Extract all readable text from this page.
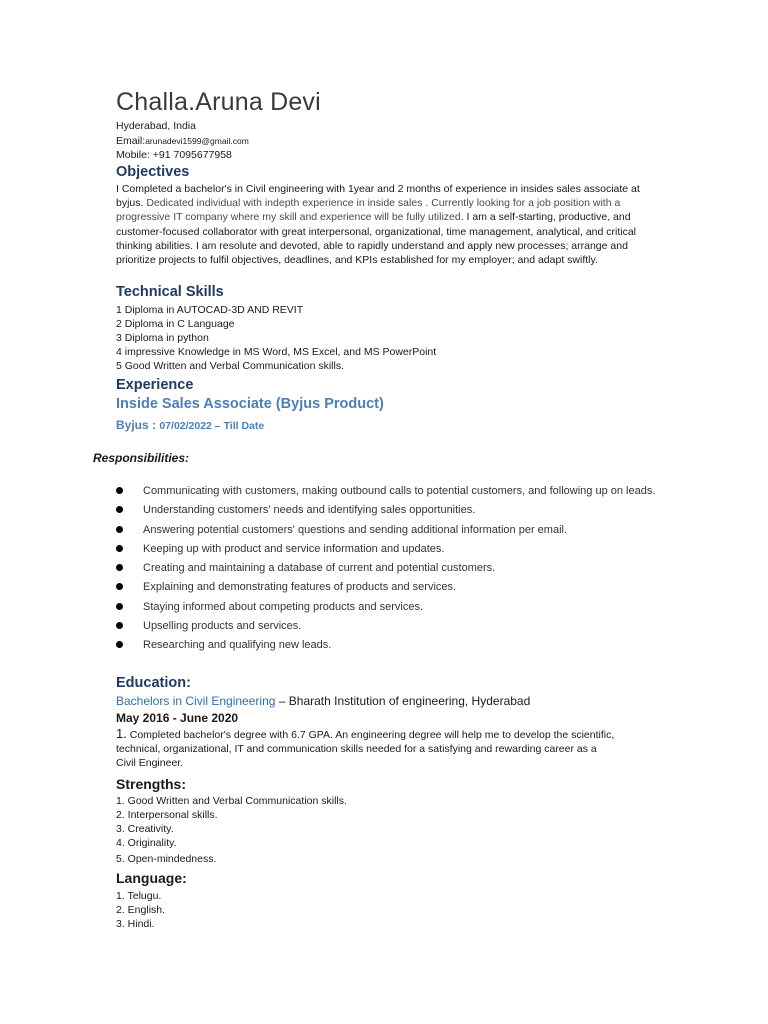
Challa.Aruna Devi

Hyderabad, India

Email:arunadevi1599@gmail.com

Mobile: +91 7095677958

Objectives

I Completed a bachelor's in Civil engineering with 1year and 2 months of experience in insides sales associate at byjus. Dedicated individual with indepth experience in inside sales . Currently looking for a job position with a progressive IT company where my skill and experience will be fully utilized. I am a self-starting, productive, and customer-focused collaborator with great interpersonal, organizational, time management, analytical, and critical thinking abilities. I am resolute and devoted, able to rapidly understand and apply new processes; arrange and prioritize projects to fulfil objectives, deadlines, and KPIs established for my employer; and adapt swiftly.

Technical Skills

1 Diploma in AUTOCAD-3D AND REVIT

2 Diploma in C Language

3 Diploma in python

4 impressive Knowledge in MS Word, MS Excel, and MS PowerPoint

5 Good Written and Verbal Communication skills.

Experience

Inside Sales Associate (Byjus Product)

Byjus : 07/02/2022 – Till Date

Responsibilities:

Communicating with customers, making outbound calls to potential customers, and following up on leads.
Understanding customers' needs and identifying sales opportunities.
Answering potential customers' questions and sending additional information per email.
Keeping up with product and service information and updates.
Creating and maintaining a database of current and potential customers.
Explaining and demonstrating features of products and services.
Staying informed about competing products and services.
Upselling products and services.
Researching and qualifying new leads.
Education:

Bachelors in Civil Engineering – Bharath Institution of engineering, Hyderabad

May 2016 - June 2020

1. Completed bachelor's degree with 6.7 GPA. An engineering degree will help me to develop the scientific, technical, organizational, IT and communication skills needed for a satisfying and rewarding career as a Civil Engineer.

Strengths:

1. Good Written and Verbal Communication skills.

2. Interpersonal skills.

3. Creativity.

4. Originality.

5. Open-mindedness.

Language:

1. Telugu.

2. English.

3. Hindi.
